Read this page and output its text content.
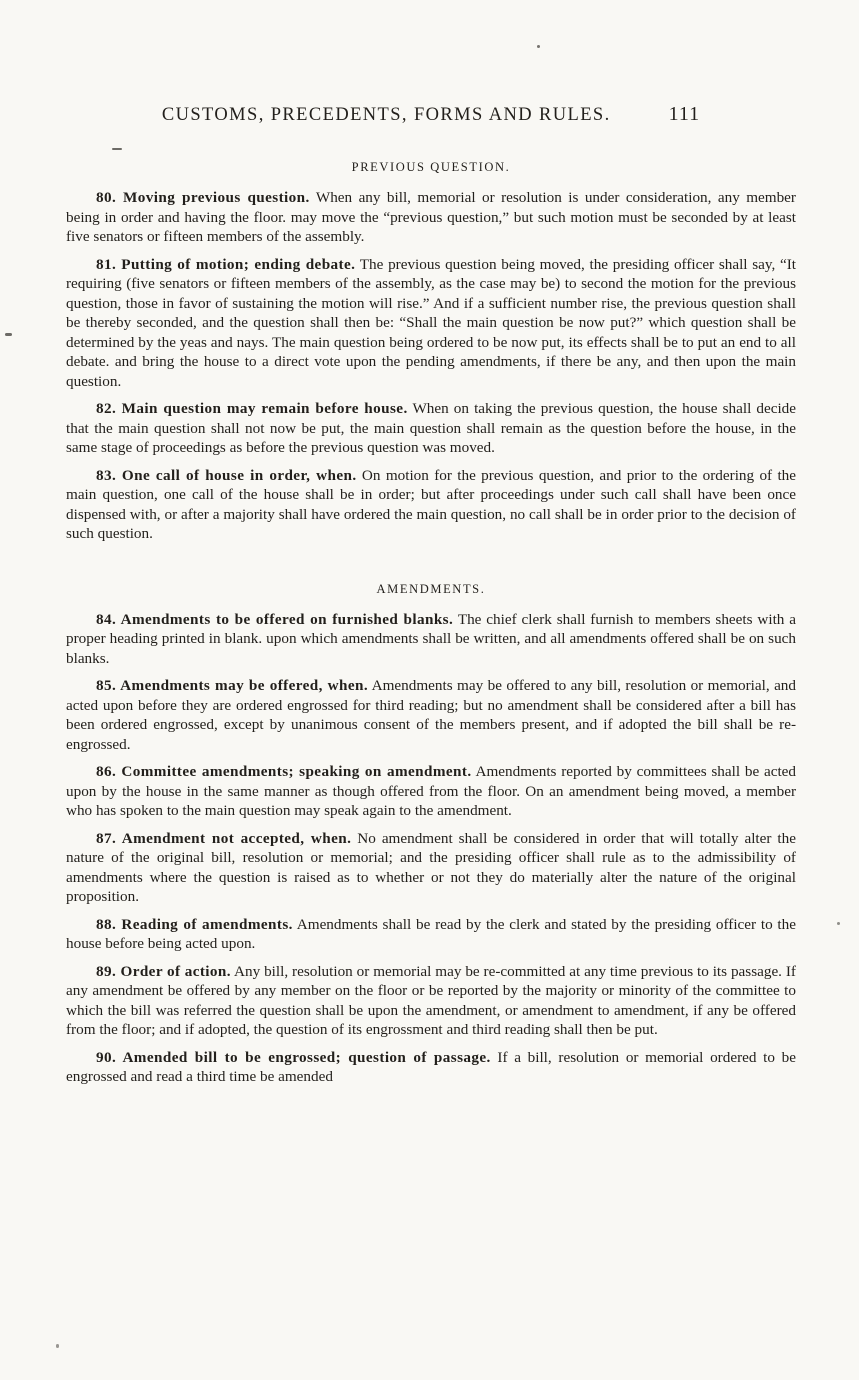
CUSTOMS, PRECEDENTS, FORMS AND RULES.	111
PREVIOUS QUESTION.

80. Moving previous question. When any bill, memorial or resolution is under consideration, any member being in order and having the floor. may move the “previous question,” but such motion must be seconded by at least five senators or fifteen members of the assembly.

81. Putting of motion; ending debate. The previous question being moved, the presiding officer shall say, “It requiring (five senators or fifteen members of the assembly, as the case may be) to second the motion for the previous question, those in favor of sustaining the motion will rise.” And if a sufficient number rise, the previous question shall be thereby seconded, and the question shall then be: “Shall the main question be now put?” which question shall be determined by the yeas and nays. The main question being ordered to be now put, its effects shall be to put an end to all debate. and bring the house to a direct vote upon the pending amendments, if there be any, and then upon the main question.

82. Main question may remain before house. When on taking the previous question, the house shall decide that the main question shall not now be put, the main question shall remain as the question before the house, in the same stage of proceedings as before the previous question was moved.

83. One call of house in order, when. On motion for the previous question, and prior to the ordering of the main question, one call of the house shall be in order; but after proceedings under such call shall have been once dispensed with, or after a majority shall have ordered the main question, no call shall be in order prior to the decision of such question.

AMENDMENTS.

84. Amendments to be offered on furnished blanks. The chief clerk shall furnish to members sheets with a proper heading printed in blank. upon which amendments shall be written, and all amendments offered shall be on such blanks.

85. Amendments may be offered, when. Amendments may be offered to any bill, resolution or memorial, and acted upon before they are ordered engrossed for third reading; but no amendment shall be considered after a bill has been ordered engrossed, except by unanimous consent of the members present, and if adopted the bill shall be re-engrossed.

86. Committee amendments; speaking on amendment. Amendments reported by committees shall be acted upon by the house in the same manner as though offered from the floor. On an amendment being moved, a member who has spoken to the main question may speak again to the amendment.

87. Amendment not accepted, when. No amendment shall be considered in order that will totally alter the nature of the original bill, resolution or memorial; and the presiding officer shall rule as to the admissibility of amendments where the question is raised as to whether or not they do materially alter the nature of the original proposition.

88. Reading of amendments. Amendments shall be read by the clerk and stated by the presiding officer to the house before being acted upon.

89. Order of action. Any bill, resolution or memorial may be re-committed at any time previous to its passage. If any amendment be offered by any member on the floor or be reported by the majority or minority of the committee to which the bill was referred the question shall be upon the amendment, or amendment to amendment, if any be offered from the floor; and if adopted, the question of its engrossment and third reading shall then be put.

90. Amended bill to be engrossed; question of passage. If a bill, resolution or memorial ordered to be engrossed and read a third time be amended
